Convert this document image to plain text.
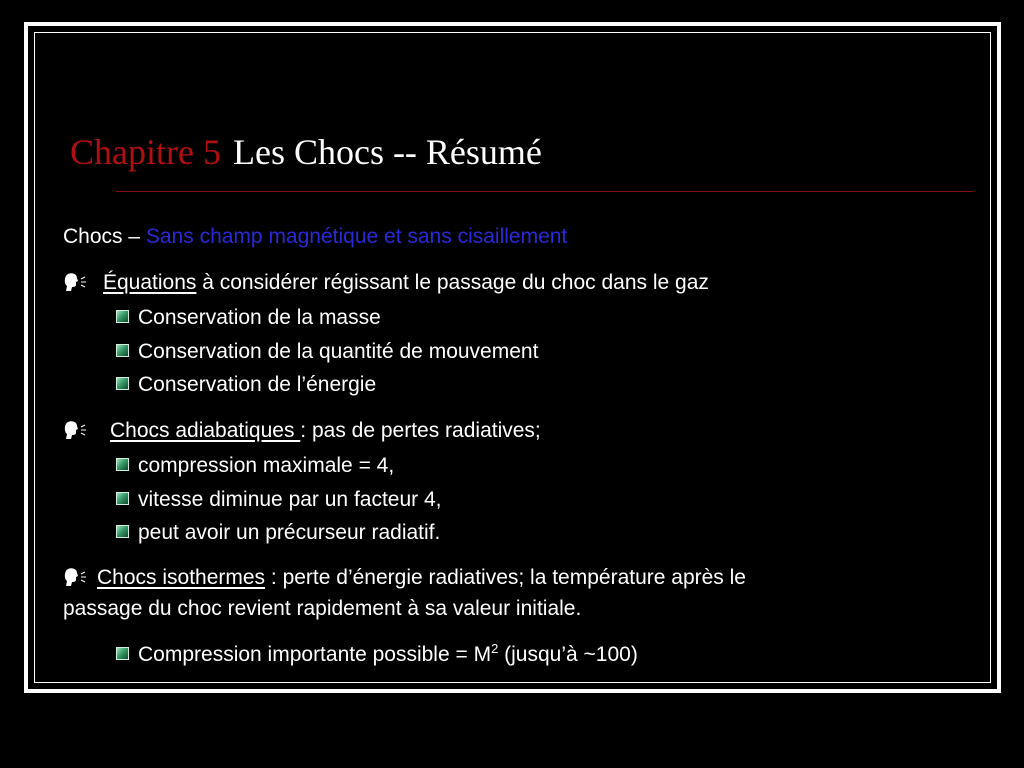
Chapitre 5 Les Chocs -- Résumé
Chocs – Sans champ magnétique et sans cisaillement
Équations à considérer régissant le passage du choc dans le gaz
Conservation de la masse
Conservation de la quantité de mouvement
Conservation de l’énergie
Chocs adiabatiques : pas de pertes radiatives;
compression maximale = 4,
vitesse diminue par un facteur 4,
peut avoir un précurseur radiatif.
Chocs isothermes : perte d’énergie radiatives; la température après le
passage du choc revient rapidement à sa valeur initiale.
Compression importante possible = $M^2$ (jusqu’à ~100)
